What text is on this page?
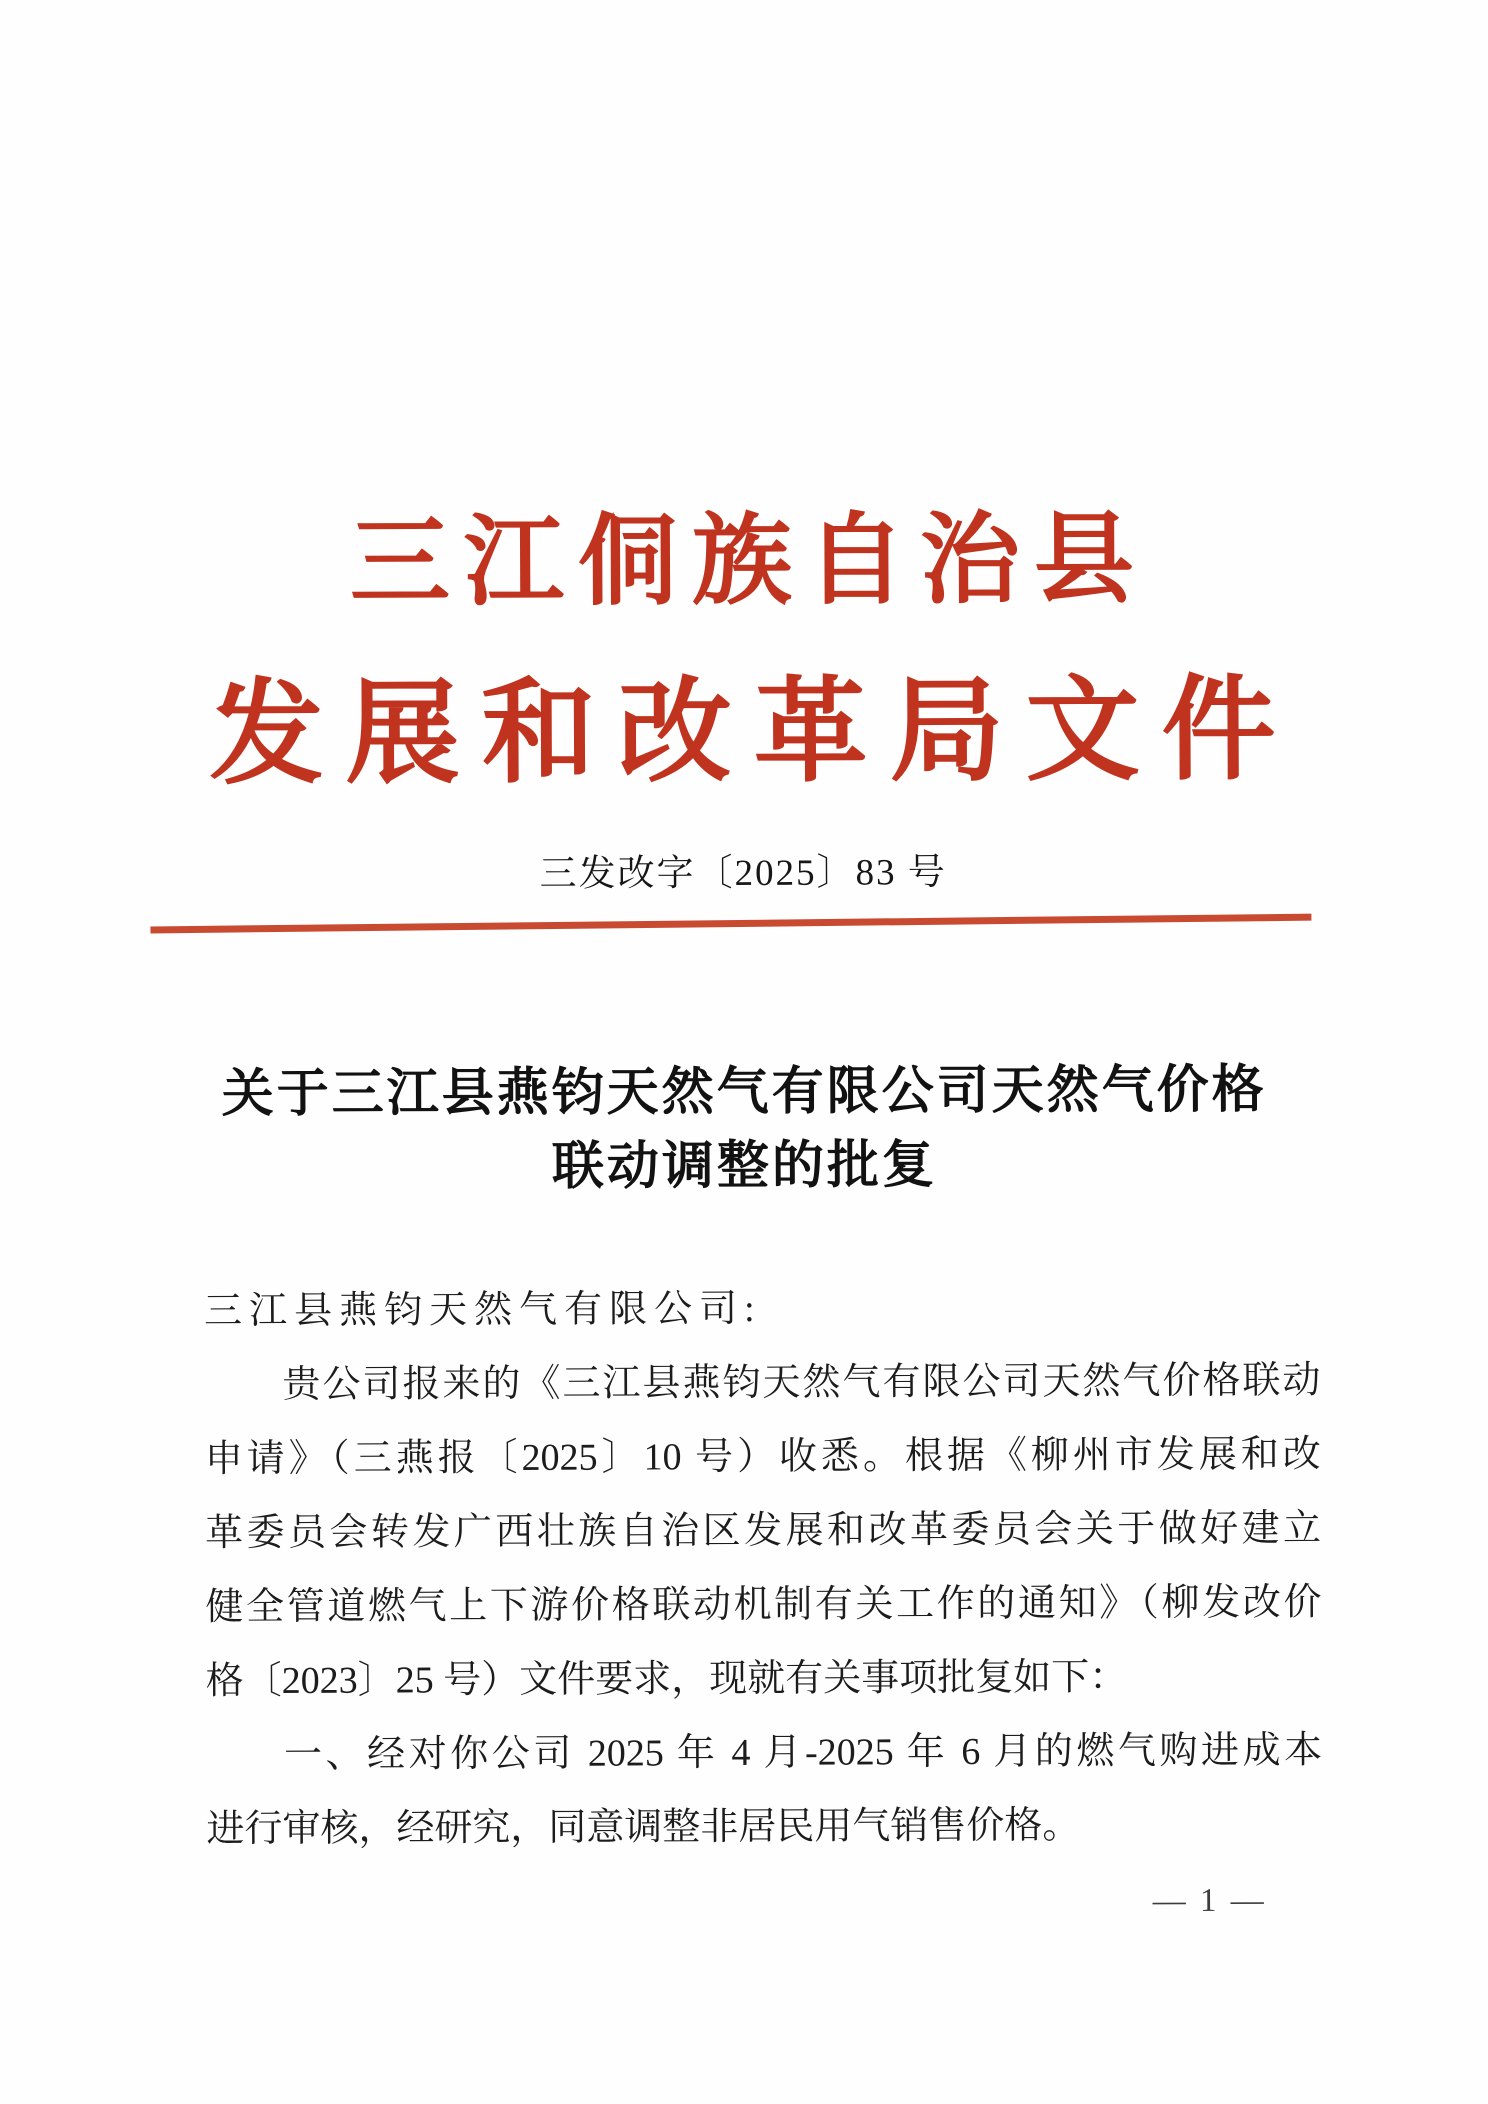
三江侗族自治县
发展和改革局文件
三发改字〔2025〕83 号
关于三江县燕钧天然气有限公司天然气价格
联动调整的批复
三江县燕钧天然气有限公司:
贵公司报来的《三江县燕钧天然气有限公司天然气价格联动
申请》（三燕报〔2025〕10 号）收悉。根据《柳州市发展和改
革委员会转发广西壮族自治区发展和改革委员会关于做好建立
健全管道燃气上下游价格联动机制有关工作的通知》（柳发改价
格〔2023〕25 号）文件要求，现就有关事项批复如下：
一、经对你公司 2025 年 4 月-2025 年 6 月的燃气购进成本
进行审核，经研究，同意调整非居民用气销售价格。
— 1 —
